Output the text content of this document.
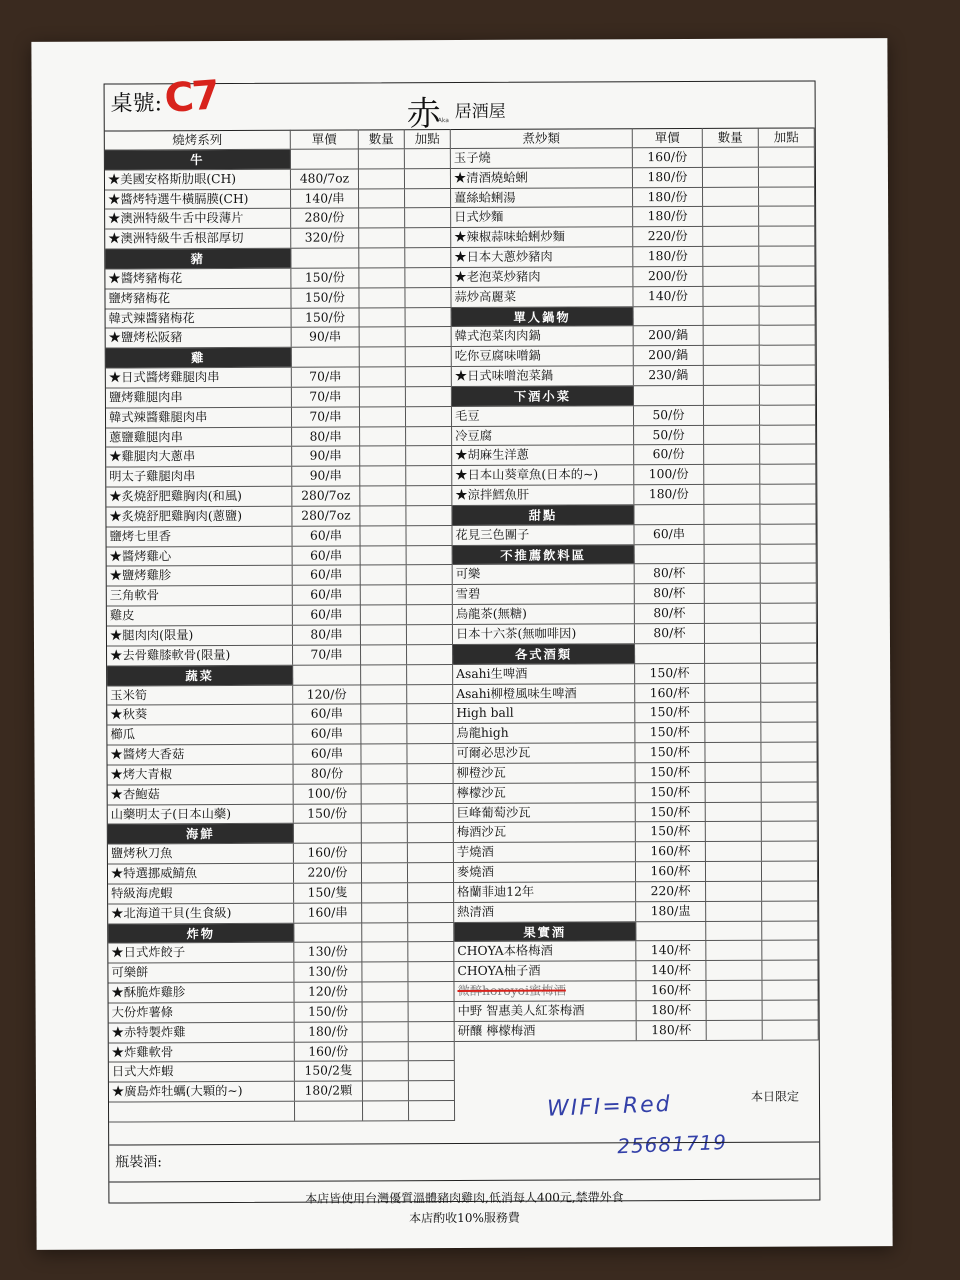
桌號: C7	赤
Aka 居酒屋
燒烤系列	單價	數量	加點
牛
★美國安格斯肋眼(CH)	480/7oz
★醬烤特選牛橫膈膜(CH)	140/串
★澳洲特級牛舌中段薄片	280/份
★澳洲特級牛舌根部厚切	320/份
豬
★醬烤豬梅花	150/份
鹽烤豬梅花	150/份
韓式辣醬豬梅花	150/份
★鹽烤松阪豬	90/串
雞
★日式醬烤雞腿肉串	70/串
鹽烤雞腿肉串	70/串
韓式辣醬雞腿肉串	70/串
蔥鹽雞腿肉串	80/串
★雞腿肉大蔥串	90/串
明太子雞腿肉串	90/串
★炙燒舒肥雞胸肉(和風)	280/7oz
★炙燒舒肥雞胸肉(蔥鹽)	280/7oz
鹽烤七里香	60/串
★醬烤雞心	60/串
★鹽烤雞胗	60/串
三角軟骨	60/串
雞皮	60/串
★腿肉肉(限量)	80/串
★去骨雞膝軟骨(限量)	70/串
蔬菜
玉米筍	120/份
★秋葵	60/串
櫛瓜	60/串
★醬烤大香菇	60/串
★烤大青椒	80/份
★杏鮑菇	100/份
山藥明太子(日本山藥)	150/份
海鮮
鹽烤秋刀魚	160/份
★特選挪威鯖魚	220/份
特級海虎蝦	150/隻
★北海道干貝(生食級)	160/串
炸物
★日式炸餃子	130/份
可樂餅	130/份
★酥脆炸雞胗	120/份
大份炸薯條	150/份
★赤特製炸雞	180/份
★炸雞軟骨	160/份
日式大炸蝦	150/2隻
★廣島炸牡蠣(大顆的~)	180/2顆
煮炒類	單價	數量	加點
玉子燒	160/份
★清酒燒蛤蜊	180/份
薑絲蛤蜊湯	180/份
日式炒麵	180/份
★辣椒蒜味蛤蜊炒麵	220/份
★日本大蔥炒豬肉	180/份
★老泡菜炒豬肉	200/份
蒜炒高麗菜	140/份
單人鍋物
韓式泡菜肉肉鍋	200/鍋
吃你豆腐味噌鍋	200/鍋
★日式味噌泡菜鍋	230/鍋
下酒小菜
毛豆	50/份
冷豆腐	50/份
★胡麻生洋蔥	60/份
★日本山葵章魚(日本的~)	100/份
★涼拌鱈魚肝	180/份
甜點
花見三色團子	60/串
不推薦飲料區
可樂	80/杯
雪碧	80/杯
烏龍茶(無糖)	80/杯
日本十六茶(無咖啡因)	80/杯
各式酒類
Asahi生啤酒	150/杯
Asahi柳橙風味生啤酒	160/杯
High ball	150/杯
烏龍high	150/杯
可爾必思沙瓦	150/杯
柳橙沙瓦	150/杯
檸檬沙瓦	150/杯
巨峰葡萄沙瓦	150/杯
梅酒沙瓦	150/杯
芋燒酒	160/杯
麥燒酒	160/杯
格蘭菲迪12年	220/杯
熱清酒	180/盅
果實酒
CHOYA本格梅酒	140/杯
CHOYA柚子酒	140/杯
微醉horoyoi蜜梅酒	160/杯
中野 智惠美人紅茶梅酒	180/杯
研釀 檸檬梅酒	180/杯
本日限定
WIFI=Red
25681719
瓶裝酒:
本店皆使用台灣優質溫體豬肉雞肉,低消每人400元,禁帶外食
本店酌收10%服務費
